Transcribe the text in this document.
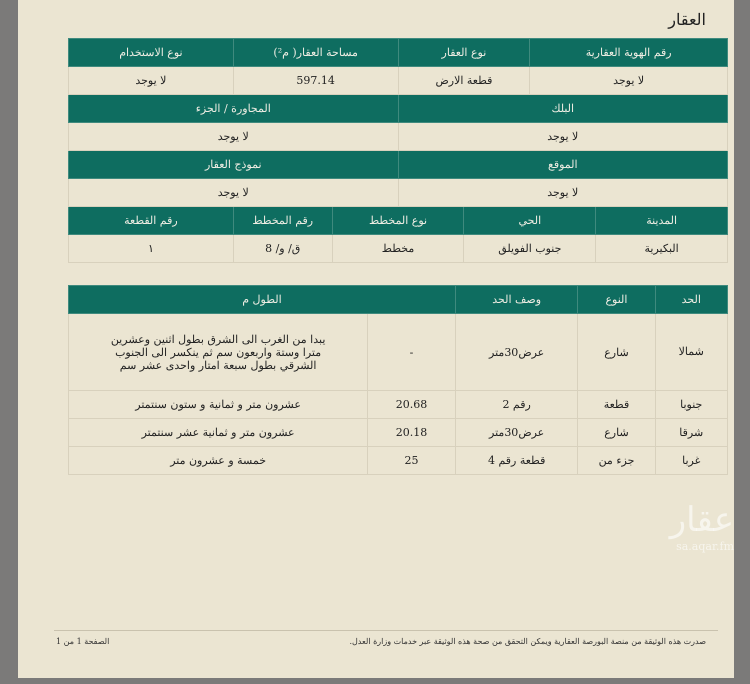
العقار
رقم الهوية العقارية		نوع العقار		مساحة العقار( م²)		نوع الاستخدام
لا يوجد		قطعة الارض		597.14		لا يوجد
البلك				المجاورة / الجزء		
لا يوجد				لا يوجد		
الموقع				نموذج العقار		
لا يوجد				لا يوجد		
المدينة	الحي		نوع المخطط		رقم المخطط	رقم القطعة
البكيرية	جنوب الفويلق		مخطط		ق/ و/ 8	١
الحد	النوع	وصف الحد	الطول م	
شمالا	شارع	عرض30متر	-	يبدا من الغرب الى الشرق بطول اثنين وعشرين مترا وستة واربعون سم ثم ينكسر الى الجنوب الشرقي بطول سبعة امتار واحدى عشر سم
جنوبا	قطعة	رقم 2	20.68	عشرون متر و ثمانية و ستون سنتمتر
شرقا	شارع	عرض30متر	20.18	عشرون متر و ثمانية عشر سنتمتر
غربا	جزء من	قطعة رقم 4	25	خمسة و عشرون متر
عقار
sa.aqar.fm
صدرت هذه الوثيقة من منصة البورصة العقارية ويمكن التحقق من صحة هذه الوثيقة عبر خدمات وزارة العدل.
الصفحة 1 من 1
